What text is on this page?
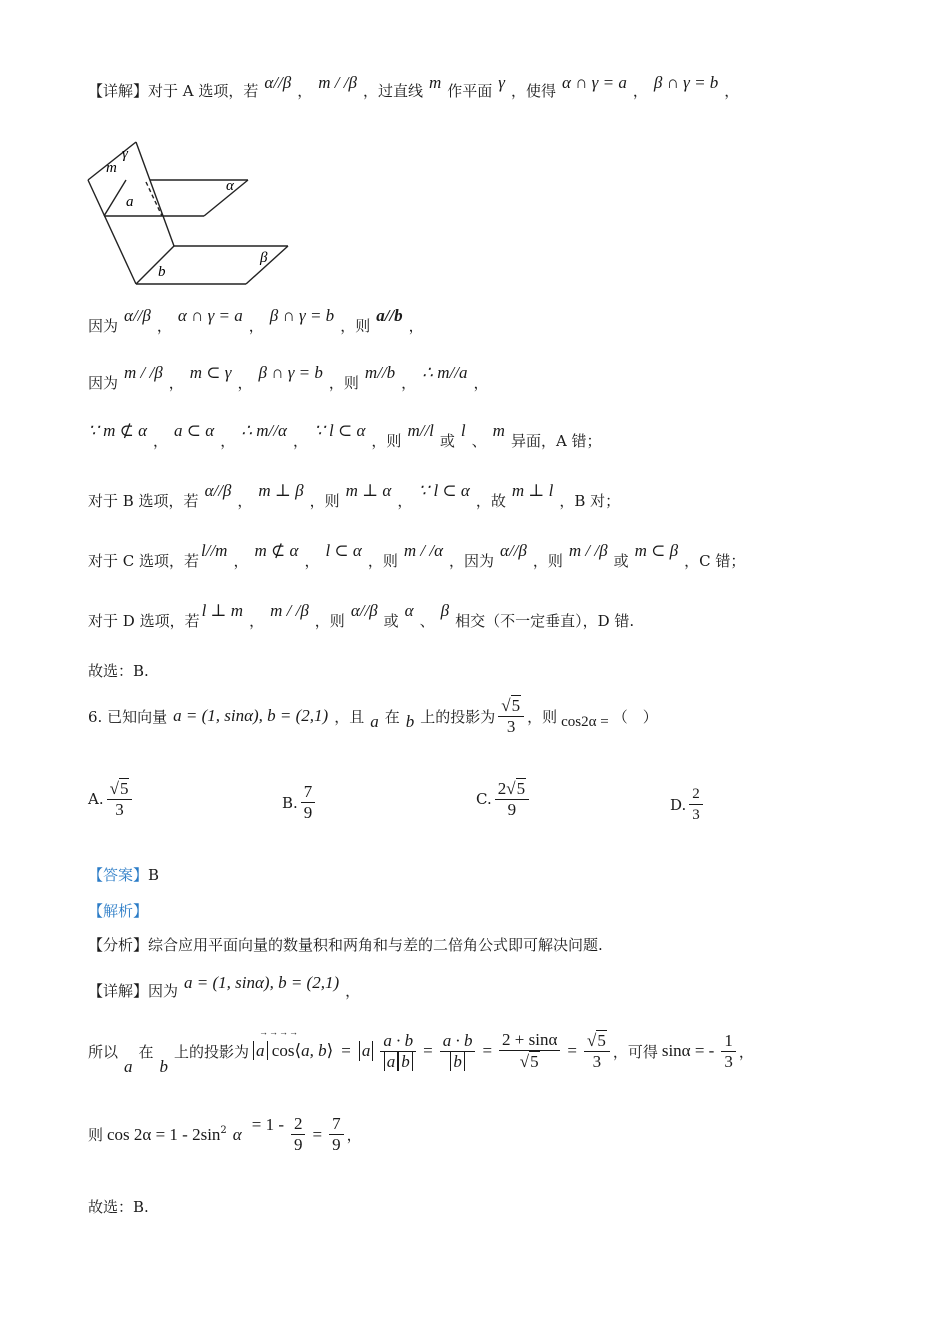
【详解】 对于 A 选项，若 α//β ， m / /β ，过直线 m 作平面 γ ，使得 α ∩ γ = a ， β ∩ γ = b ，
γ
m
α
a
β
b
因为
α//β
，
α ∩ γ = a
，
β ∩ γ = b
，则
a//b
，
因为
m / /β
，
m ⊂ γ
，
β ∩ γ = b
，则
m//b
，
∴ m//a
，
∵ m ⊄ α
，
a ⊂ α
，
∴ m//α
，
∵ l ⊂ α
，则
m//l
或
l
、
m
异面，A 错；
对于 B 选项，若
α//β
，
m ⊥ β
，则
m ⊥ α
，
∵ l ⊂ α
，故
m ⊥ l
，B 对；
对于 C 选项，若
l//m
，
m ⊄ α
，
l ⊂ α
，则
m / /α
，因为
α//β
，则
m / /β
或
m ⊂ β
，C 错；
对于 D 选项，若
l ⊥ m
，
m / /β
，则
α//β
或
α
、
β
相交（不一定垂直），D 错.
故选：B.
6. 已知向量 a = (1, sinα), b = (2,1) ，且 a 在 b 上的投影为 $\frac{√5}{3}$ ，则 cos2α = （　）
A. $\frac{√5}{3}$	B. $\frac{7}{9}$	C. $\frac{2√5}{9}$	D. $\frac{2}{3}$
【答案】 B
【解析】
【分析】 综合应用平面向量的数量积和两角和与差的二倍角公式即可解决问题.
【详解】 因为 a = (1, sinα), b = (2,1) ，
所以
a
在
b
上的投影为
→→→→
a cos⟨a, b⟩ = a $\frac{a \cdot b}{\text{a b}} = \frac{a \cdot b}{b} = \frac{2 + \sin\alpha}{√5} = \frac{√5}{3}$ ，可得 sinα = - $\frac{1}{3}$ ，
则 $\cos 2\alpha = 1 - 2\sin^2$ α
= $1 - \frac{2}{9} = \frac{7}{9}$ ，
故选：B.
